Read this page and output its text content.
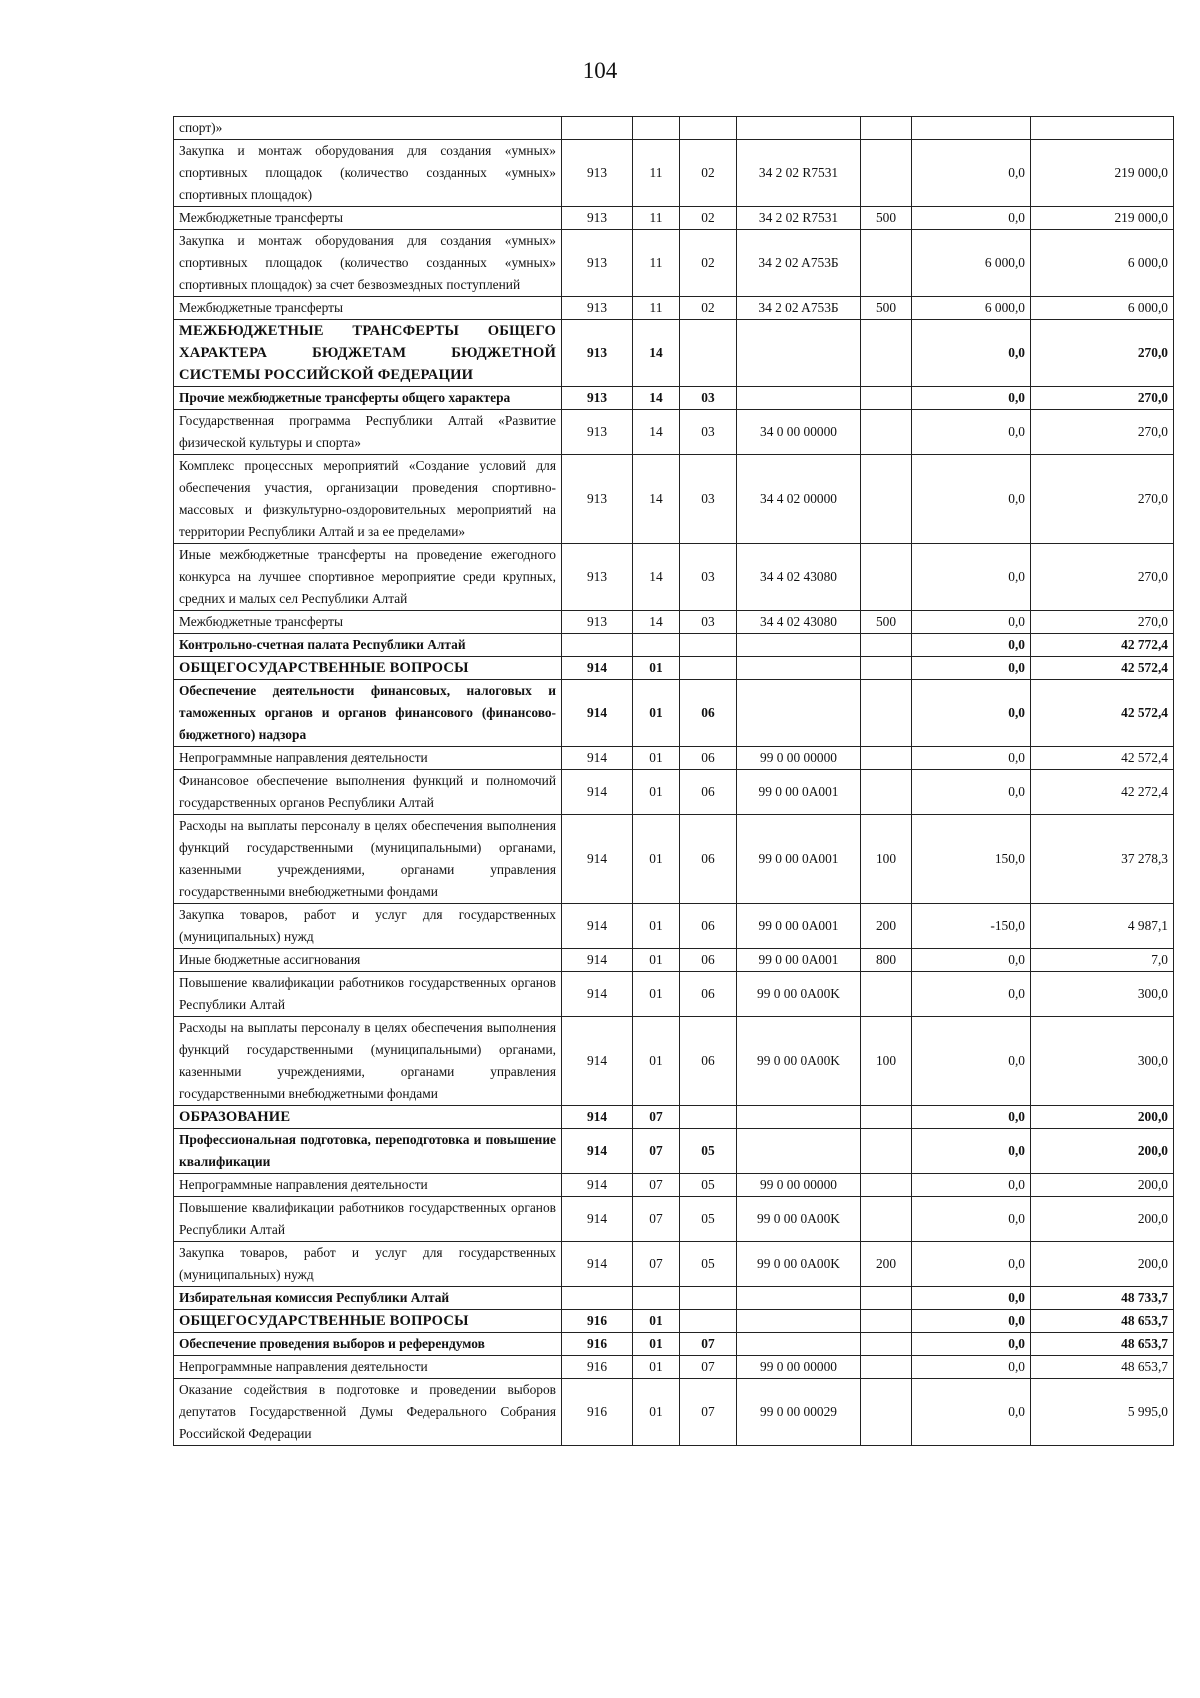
104
спорт)»							
Закупка и монтаж оборудования для создания «умных» спортивных площадок (количество созданных «умных» спортивных площадок)	913	11	02	34 2 02 R7531		0,0	219 000,0
Межбюджетные трансферты	913	11	02	34 2 02 R7531	500	0,0	219 000,0
Закупка и монтаж оборудования для создания «умных» спортивных площадок (количество созданных «умных» спортивных площадок) за счет безвозмездных поступлений	913	11	02	34 2 02 A753Б		6 000,0	6 000,0
Межбюджетные трансферты	913	11	02	34 2 02 A753Б	500	6 000,0	6 000,0
МЕЖБЮДЖЕТНЫЕ ТРАНСФЕРТЫ ОБЩЕГО ХАРАКТЕРА БЮДЖЕТАМ БЮДЖЕТНОЙ СИСТЕМЫ РОССИЙСКОЙ ФЕДЕРАЦИИ	913	14				0,0	270,0
Прочие межбюджетные трансферты общего характера	913	14	03			0,0	270,0
Государственная программа Республики Алтай «Развитие физической культуры и спорта»	913	14	03	34 0 00 00000		0,0	270,0
Комплекс процессных мероприятий «Создание условий для обеспечения участия, организации проведения спортивно-массовых и физкультурно-оздоровительных мероприятий на территории Республики Алтай и за ее пределами»	913	14	03	34 4 02 00000		0,0	270,0
Иные межбюджетные трансферты на проведение ежегодного конкурса на лучшее спортивное мероприятие среди крупных, средних и малых сел Республики Алтай	913	14	03	34 4 02 43080		0,0	270,0
Межбюджетные трансферты	913	14	03	34 4 02 43080	500	0,0	270,0
Контрольно-счетная палата Республики Алтай						0,0	42 772,4
ОБЩЕГОСУДАРСТВЕННЫЕ ВОПРОСЫ	914	01				0,0	42 572,4
Обеспечение деятельности финансовых, налоговых и таможенных органов и органов финансового (финансово-бюджетного) надзора	914	01	06			0,0	42 572,4
Непрограммные направления деятельности	914	01	06	99 0 00 00000		0,0	42 572,4
Финансовое обеспечение выполнения функций и полномочий государственных органов Республики Алтай	914	01	06	99 0 00 0A001		0,0	42 272,4
Расходы на выплаты персоналу в целях обеспечения выполнения функций государственными (муниципальными) органами, казенными учреждениями, органами управления государственными внебюджетными фондами	914	01	06	99 0 00 0A001	100	150,0	37 278,3
Закупка товаров, работ и услуг для государственных (муниципальных) нужд	914	01	06	99 0 00 0A001	200	-150,0	4 987,1
Иные бюджетные ассигнования	914	01	06	99 0 00 0A001	800	0,0	7,0
Повышение квалификации работников государственных органов Республики Алтай	914	01	06	99 0 00 0A00K		0,0	300,0
Расходы на выплаты персоналу в целях обеспечения выполнения функций государственными (муниципальными) органами, казенными учреждениями, органами управления государственными внебюджетными фондами	914	01	06	99 0 00 0A00K	100	0,0	300,0
ОБРАЗОВАНИЕ	914	07				0,0	200,0
Профессиональная подготовка, переподготовка и повышение квалификации	914	07	05			0,0	200,0
Непрограммные направления деятельности	914	07	05	99 0 00 00000		0,0	200,0
Повышение квалификации работников государственных органов Республики Алтай	914	07	05	99 0 00 0A00K		0,0	200,0
Закупка товаров, работ и услуг для государственных (муниципальных) нужд	914	07	05	99 0 00 0A00K	200	0,0	200,0
Избирательная комиссия Республики Алтай						0,0	48 733,7
ОБЩЕГОСУДАРСТВЕННЫЕ ВОПРОСЫ	916	01				0,0	48 653,7
Обеспечение проведения выборов и референдумов	916	01	07			0,0	48 653,7
Непрограммные направления деятельности	916	01	07	99 0 00 00000		0,0	48 653,7
Оказание содействия в подготовке и проведении выборов депутатов Государственной Думы Федерального Собрания Российской Федерации	916	01	07	99 0 00 00029		0,0	5 995,0
